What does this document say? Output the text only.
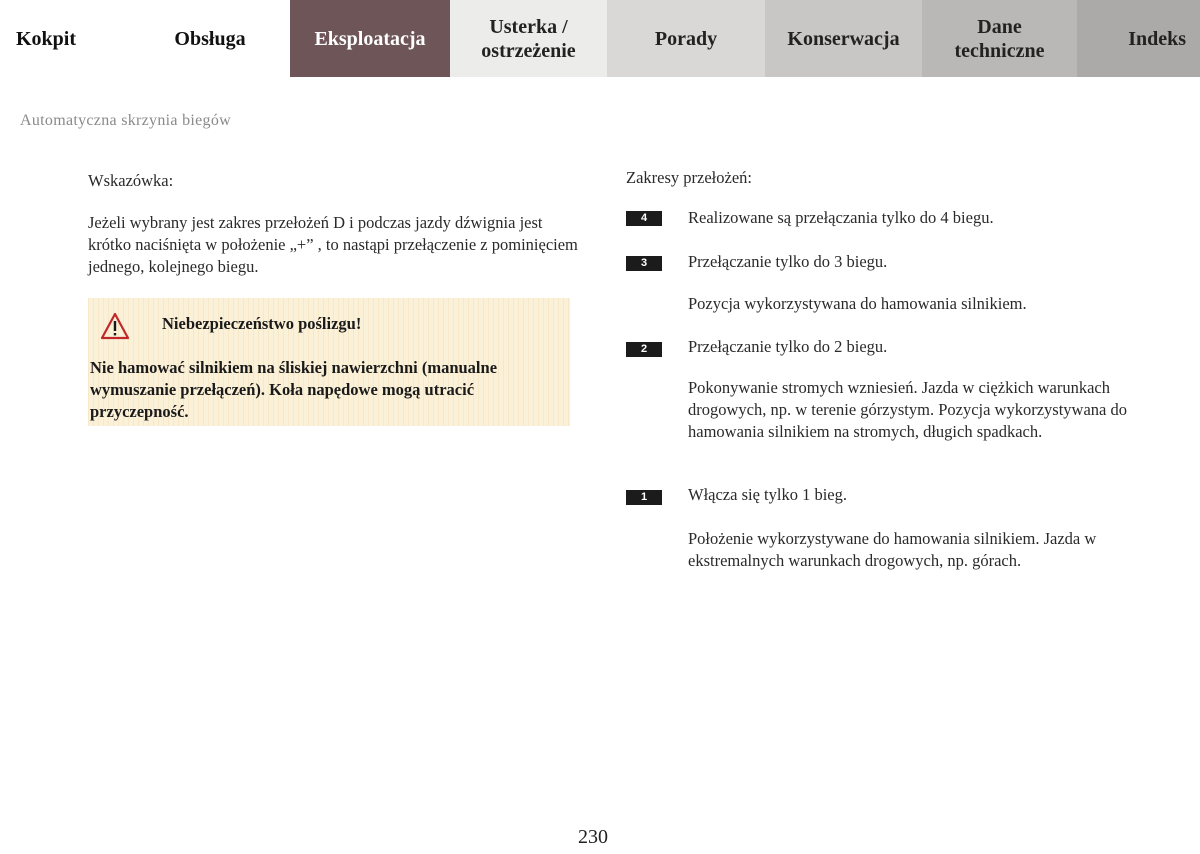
Kokpit	Obsługa	Eksploatacja
Usterka /
ostrzeżenie
Porady	Konserwacja
Dane
techniczne
Indeks
Automatyczna skrzynia biegów

Wskazówka:

Jeżeli wybrany jest zakres przełożeń D i podczas jazdy dźwignia jest krótko naciśnięta w położenie „+” , to nastąpi przełączenie z pominięciem jednego, kolejnego biegu.

Niebezpieczeństwo poślizgu!
Nie hamować silnikiem na śliskiej nawierzchni (manualne wymuszanie przełączeń). Koła napędowe mogą utracić przyczepność.
Zakresy przełożeń:
4	Realizowane są przełączania tylko do 4 biegu.
3	Przełączanie tylko do 3 biegu.
Pozycja wykorzystywana do hamowania silnikiem.
2	Przełączanie tylko do 2 biegu.
Pokonywanie stromych wzniesień. Jazda w ciężkich warunkach drogowych, np. w terenie górzystym. Pozycja wykorzystywana do hamowania silnikiem na stromych, długich spadkach.
1	Włącza się tylko 1 bieg.
Położenie wykorzystywane do hamowania silnikiem. Jazda w ekstremalnych warunkach drogowych, np. górach.
230
